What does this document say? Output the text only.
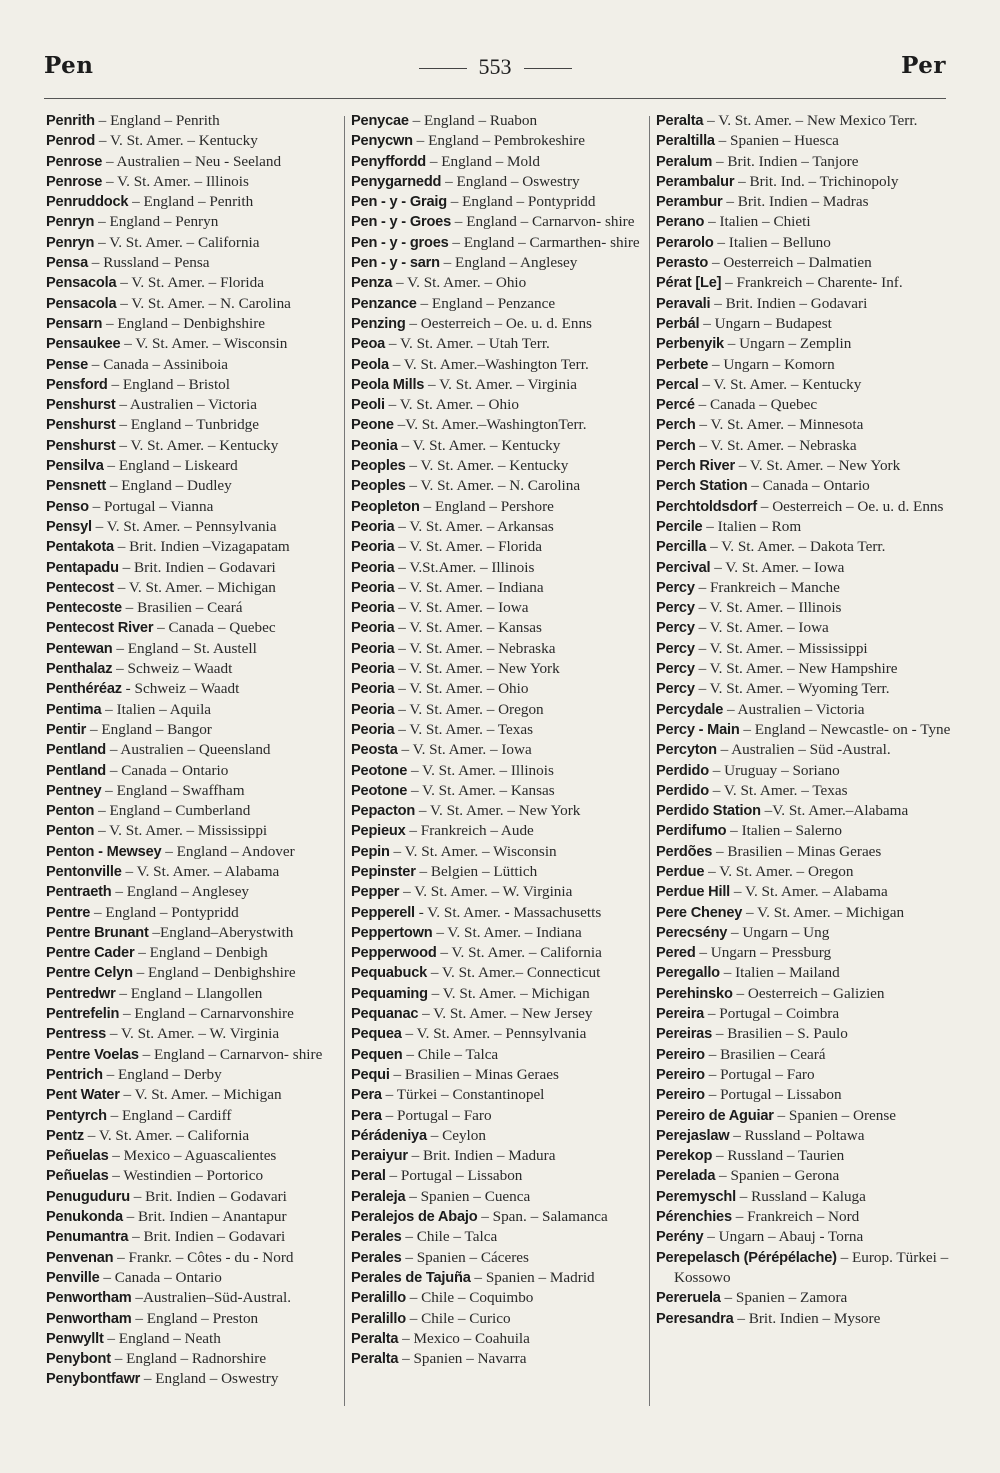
Pen	553	Per
Penrith – England – Penrith
Penrod – V. St. Amer. – Kentucky
Penrose – Australien – Neu - Seeland
Penrose – V. St. Amer. – Illinois
Penruddock – England – Penrith
Penryn – England – Penryn
Penryn – V. St. Amer. – California
Pensa – Russland – Pensa
Pensacola – V. St. Amer. – Florida
Pensacola – V. St. Amer. – N. Carolina
Pensarn – England – Denbighshire
Pensaukee – V. St. Amer. – Wisconsin
Pense – Canada – Assiniboia
Pensford – England – Bristol
Penshurst – Australien – Victoria
Penshurst – England – Tunbridge
Penshurst – V. St. Amer. – Kentucky
Pensilva – England – Liskeard
Pensnett – England – Dudley
Penso – Portugal – Vianna
Pensyl – V. St. Amer. – Pennsylvania
Pentakota – Brit. Indien –Vizagapatam
Pentapadu – Brit. Indien – Godavari
Pentecost – V. St. Amer. – Michigan
Pentecoste – Brasilien – Ceará
Pentecost River – Canada – Quebec
Pentewan – England – St. Austell
Penthalaz – Schweiz – Waadt
Penthéréaz - Schweiz – Waadt
Pentima – Italien – Aquila
Pentir – England – Bangor
Pentland – Australien – Queensland
Pentland – Canada – Ontario
Pentney – England – Swaffham
Penton – England – Cumberland
Penton – V. St. Amer. – Mississippi
Penton - Mewsey – England – Andover
Pentonville – V. St. Amer. – Alabama
Pentraeth – England – Anglesey
Pentre – England – Pontypridd
Pentre Brunant –England–Aberystwith
Pentre Cader – England – Denbigh
Pentre Celyn – England – Denbighshire
Pentredwr – England – Llangollen
Pentrefelin – England – Carnarvonshire
Pentress – V. St. Amer. – W. Virginia
Pentre Voelas – England – Carnarvon- shire
Pentrich – England – Derby
Pent Water – V. St. Amer. – Michigan
Pentyrch – England – Cardiff
Pentz – V. St. Amer. – California
Peñuelas – Mexico – Aguascalientes
Peñuelas – Westindien – Portorico
Penuguduru – Brit. Indien – Godavari
Penukonda – Brit. Indien – Anantapur
Penumantra – Brit. Indien – Godavari
Penvenan – Frankr. – Côtes - du - Nord
Penville – Canada – Ontario
Penwortham –Australien–Süd-Austral.
Penwortham – England – Preston
Penwyllt – England – Neath
Penybont – England – Radnorshire
Penybontfawr – England – Oswestry
Penycae – England – Ruabon
Penycwn – England – Pembrokeshire
Penyffordd – England – Mold
Penygarnedd – England – Oswestry
Pen - y - Graig – England – Pontypridd
Pen - y - Groes – England – Carnarvon- shire
Pen - y - groes – England – Carmarthen- shire
Pen - y - sarn – England – Anglesey
Penza – V. St. Amer. – Ohio
Penzance – England – Penzance
Penzing – Oesterreich – Oe. u. d. Enns
Peoa – V. St. Amer. – Utah Terr.
Peola – V. St. Amer.–Washington Terr.
Peola Mills – V. St. Amer. – Virginia
Peoli – V. St. Amer. – Ohio
Peone –V. St. Amer.–WashingtonTerr.
Peonia – V. St. Amer. – Kentucky
Peoples – V. St. Amer. – Kentucky
Peoples – V. St. Amer. – N. Carolina
Peopleton – England – Pershore
Peoria – V. St. Amer. – Arkansas
Peoria – V. St. Amer. – Florida
Peoria – V.St.Amer. – Illinois
Peoria – V. St. Amer. – Indiana
Peoria – V. St. Amer. – Iowa
Peoria – V. St. Amer. – Kansas
Peoria – V. St. Amer. – Nebraska
Peoria – V. St. Amer. – New York
Peoria – V. St. Amer. – Ohio
Peoria – V. St. Amer. – Oregon
Peoria – V. St. Amer. – Texas
Peosta – V. St. Amer. – Iowa
Peotone – V. St. Amer. – Illinois
Peotone – V. St. Amer. – Kansas
Pepacton – V. St. Amer. – New York
Pepieux – Frankreich – Aude
Pepin – V. St. Amer. – Wisconsin
Pepinster – Belgien – Lüttich
Pepper – V. St. Amer. – W. Virginia
Pepperell - V. St. Amer. - Massachusetts
Peppertown – V. St. Amer. – Indiana
Pepperwood – V. St. Amer. – California
Pequabuck – V. St. Amer.– Connecticut
Pequaming – V. St. Amer. – Michigan
Pequanac – V. St. Amer. – New Jersey
Pequea – V. St. Amer. – Pennsylvania
Pequen – Chile – Talca
Pequi – Brasilien – Minas Geraes
Pera – Türkei – Constantinopel
Pera – Portugal – Faro
Pérádeniya – Ceylon
Peraiyur – Brit. Indien – Madura
Peral – Portugal – Lissabon
Peraleja – Spanien – Cuenca
Peralejos de Abajo – Span. – Salamanca
Perales – Chile – Talca
Perales – Spanien – Cáceres
Perales de Tajuña – Spanien – Madrid
Peralillo – Chile – Coquimbo
Peralillo – Chile – Curico
Peralta – Mexico – Coahuila
Peralta – Spanien – Navarra
Peralta – V. St. Amer. – New Mexico Terr.
Peraltilla – Spanien – Huesca
Peralum – Brit. Indien – Tanjore
Perambalur – Brit. Ind. – Trichinopoly
Perambur – Brit. Indien – Madras
Perano – Italien – Chieti
Perarolo – Italien – Belluno
Perasto – Oesterreich – Dalmatien
Pérat [Le] – Frankreich – Charente- Inf.
Peravali – Brit. Indien – Godavari
Perbál – Ungarn – Budapest
Perbenyik – Ungarn – Zemplin
Perbete – Ungarn – Komorn
Percal – V. St. Amer. – Kentucky
Percé – Canada – Quebec
Perch – V. St. Amer. – Minnesota
Perch – V. St. Amer. – Nebraska
Perch River – V. St. Amer. – New York
Perch Station – Canada – Ontario
Perchtoldsdorf – Oesterreich – Oe. u. d. Enns
Percile – Italien – Rom
Percilla – V. St. Amer. – Dakota Terr.
Percival – V. St. Amer. – Iowa
Percy – Frankreich – Manche
Percy – V. St. Amer. – Illinois
Percy – V. St. Amer. – Iowa
Percy – V. St. Amer. – Mississippi
Percy – V. St. Amer. – New Hampshire
Percy – V. St. Amer. – Wyoming Terr.
Percydale – Australien – Victoria
Percy - Main – England – Newcastle- on - Tyne
Percyton – Australien – Süd -Austral.
Perdido – Uruguay – Soriano
Perdido – V. St. Amer. – Texas
Perdido Station –V. St. Amer.–Alabama
Perdifumo – Italien – Salerno
Perdões – Brasilien – Minas Geraes
Perdue – V. St. Amer. – Oregon
Perdue Hill – V. St. Amer. – Alabama
Pere Cheney – V. St. Amer. – Michigan
Perecsény – Ungarn – Ung
Pered – Ungarn – Pressburg
Peregallo – Italien – Mailand
Perehinsko – Oesterreich – Galizien
Pereira – Portugal – Coimbra
Pereiras – Brasilien – S. Paulo
Pereiro – Brasilien – Ceará
Pereiro – Portugal – Faro
Pereiro – Portugal – Lissabon
Pereiro de Aguiar – Spanien – Orense
Perejaslaw – Russland – Poltawa
Perekop – Russland – Taurien
Perelada – Spanien – Gerona
Peremyschl – Russland – Kaluga
Pérenchies – Frankreich – Nord
Perény – Ungarn – Abauj - Torna
Perepelasch (Pérépélache) – Europ. Türkei – Kossowo
Pereruela – Spanien – Zamora
Peresandra – Brit. Indien – Mysore
